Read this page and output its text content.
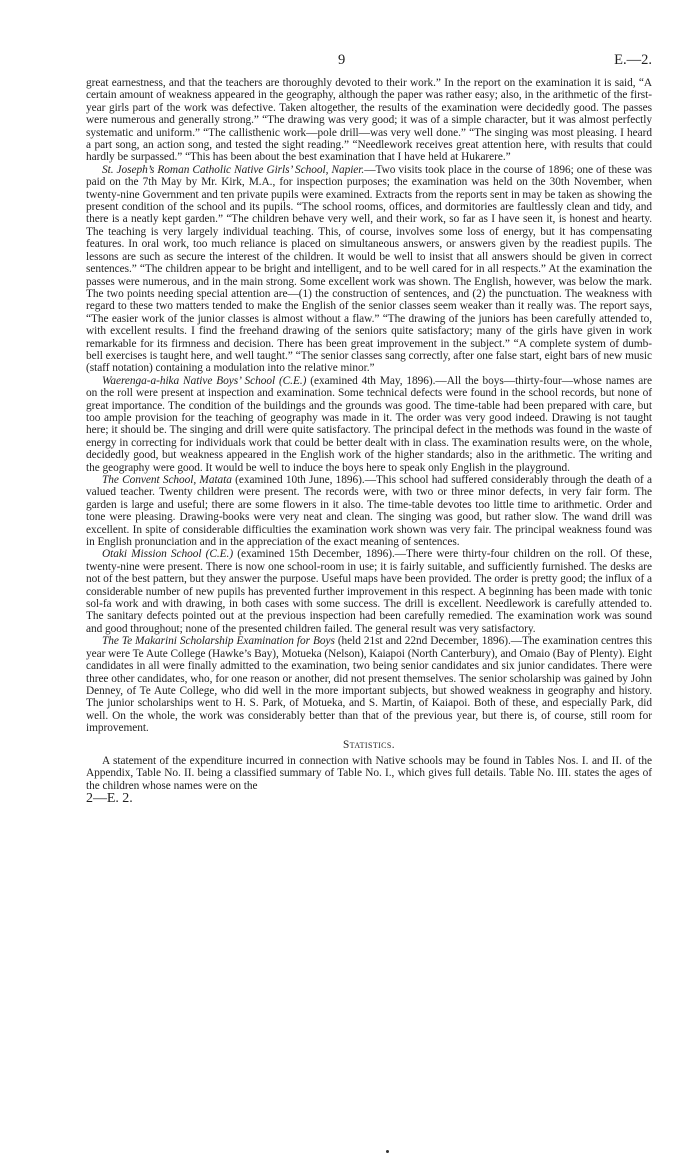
9	E.—2.

great earnestness, and that the teachers are thoroughly devoted to their work.” In the report on the examination it is said, “A certain amount of weakness appeared in the geography, although the paper was rather easy; also, in the arithmetic of the first-year girls part of the work was defective. Taken altogether, the results of the examination were decidedly good. The passes were numerous and generally strong.” “The drawing was very good; it was of a simple character, but it was almost perfectly systematic and uniform.” “The callisthenic work—pole drill—was very well done.” “The singing was most pleasing. I heard a part song, an action song, and tested the sight reading.” “Needlework receives great attention here, with results that could hardly be surpassed.” “This has been about the best examination that I have held at Hukarere.”

St. Joseph’s Roman Catholic Native Girls’ School, Napier.—Two visits took place in the course of 1896; one of these was paid on the 7th May by Mr. Kirk, M.A., for inspection purposes; the examination was held on the 30th November, when twenty-nine Government and ten private pupils were examined. Extracts from the reports sent in may be taken as showing the present condition of the school and its pupils. “The school rooms, offices, and dormitories are faultlessly clean and tidy, and there is a neatly kept garden.” “The children behave very well, and their work, so far as I have seen it, is honest and hearty. The teaching is very largely individual teaching. This, of course, involves some loss of energy, but it has compensating features. In oral work, too much reliance is placed on simultaneous answers, or answers given by the readiest pupils. The lessons are such as secure the interest of the children. It would be well to insist that all answers should be given in correct sentences.” “The children appear to be bright and intelligent, and to be well cared for in all respects.” At the examination the passes were numerous, and in the main strong. Some excellent work was shown. The English, however, was below the mark. The two points needing special attention are—(1) the construction of sentences, and (2) the punctuation. The weakness with regard to these two matters tended to make the English of the senior classes seem weaker than it really was. The report says, “The easier work of the junior classes is almost without a flaw.” “The drawing of the juniors has been carefully attended to, with excellent results. I find the freehand drawing of the seniors quite satisfactory; many of the girls have given in work remarkable for its firmness and decision. There has been great improvement in the subject.” “A complete system of dumb-bell exercises is taught here, and well taught.” “The senior classes sang correctly, after one false start, eight bars of new music (staff notation) containing a modulation into the relative minor.”

Waerenga-a-hika Native Boys’ School (C.E.) (examined 4th May, 1896).—All the boys—thirty-four—whose names are on the roll were present at inspection and examination. Some technical defects were found in the school records, but none of great importance. The condition of the buildings and the grounds was good. The time-table had been prepared with care, but too ample provision for the teaching of geography was made in it. The order was very good indeed. Drawing is not taught here; it should be. The singing and drill were quite satisfactory. The principal defect in the methods was found in the waste of energy in correcting for individuals work that could be better dealt with in class. The examination results were, on the whole, decidedly good, but weakness appeared in the English work of the higher standards; also in the arithmetic. The writing and the geography were good. It would be well to induce the boys here to speak only English in the playground.

The Convent School, Matata (examined 10th June, 1896).—This school had suffered considerably through the death of a valued teacher. Twenty children were present. The records were, with two or three minor defects, in very fair form. The garden is large and useful; there are some flowers in it also. The time-table devotes too little time to arithmetic. Order and tone were pleasing. Drawing-books were very neat and clean. The singing was good, but rather slow. The wand drill was excellent. In spite of considerable difficulties the examination work shown was very fair. The principal weakness found was in English pronunciation and in the appreciation of the exact meaning of sentences.

Otaki Mission School (C.E.) (examined 15th December, 1896).—There were thirty-four children on the roll. Of these, twenty-nine were present. There is now one school-room in use; it is fairly suitable, and sufficiently furnished. The desks are not of the best pattern, but they answer the purpose. Useful maps have been provided. The order is pretty good; the influx of a considerable number of new pupils has prevented further improvement in this respect. A beginning has been made with tonic sol-fa work and with drawing, in both cases with some success. The drill is excellent. Needlework is carefully attended to. The sanitary defects pointed out at the previous inspection had been carefully remedied. The examination work was sound and good throughout; none of the presented children failed. The general result was very satisfactory.

The Te Makarini Scholarship Examination for Boys (held 21st and 22nd December, 1896).—The examination centres this year were Te Aute College (Hawke’s Bay), Motueka (Nelson), Kaiapoi (North Canterbury), and Omaio (Bay of Plenty). Eight candidates in all were finally admitted to the examination, two being senior candidates and six junior candidates. There were three other candidates, who, for one reason or another, did not present themselves. The senior scholarship was gained by John Denney, of Te Aute College, who did well in the more important subjects, but showed weakness in geography and history. The junior scholarships went to H. S. Park, of Motueka, and S. Martin, of Kaiapoi. Both of these, and especially Park, did well. On the whole, the work was considerably better than that of the previous year, but there is, of course, still room for improvement.

Statistics.

A statement of the expenditure incurred in connection with Native schools may be found in Tables Nos. I. and II. of the Appendix, Table No. II. being a classified summary of Table No. I., which gives full details. Table No. III. states the ages of the children whose names were on the

2—E. 2.
